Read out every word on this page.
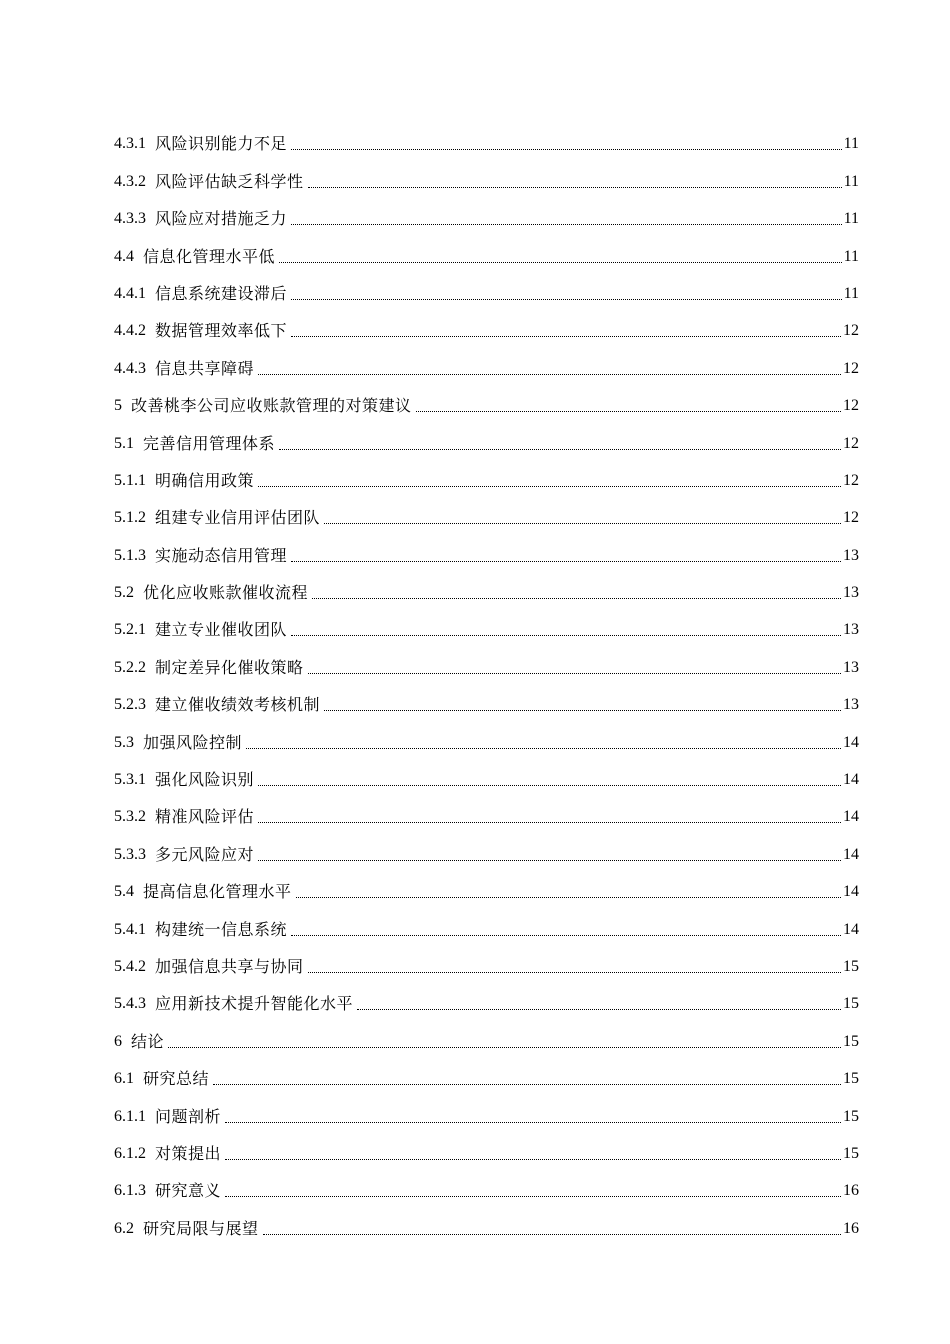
4.3.1 风险识别能力不足	11
4.3.2 风险评估缺乏科学性	11
4.3.3 风险应对措施乏力	11
4.4 信息化管理水平低	11
4.4.1 信息系统建设滞后	11
4.4.2 数据管理效率低下	12
4.4.3 信息共享障碍	12
5 改善桃李公司应收账款管理的对策建议	12
5.1 完善信用管理体系	12
5.1.1 明确信用政策	12
5.1.2 组建专业信用评估团队	12
5.1.3 实施动态信用管理	13
5.2 优化应收账款催收流程	13
5.2.1 建立专业催收团队	13
5.2.2 制定差异化催收策略	13
5.2.3 建立催收绩效考核机制	13
5.3 加强风险控制	14
5.3.1 强化风险识别	14
5.3.2 精准风险评估	14
5.3.3 多元风险应对	14
5.4 提高信息化管理水平	14
5.4.1 构建统一信息系统	14
5.4.2 加强信息共享与协同	15
5.4.3 应用新技术提升智能化水平	15
6 结论	15
6.1 研究总结	15
6.1.1 问题剖析	15
6.1.2 对策提出	15
6.1.3 研究意义	16
6.2 研究局限与展望	16
